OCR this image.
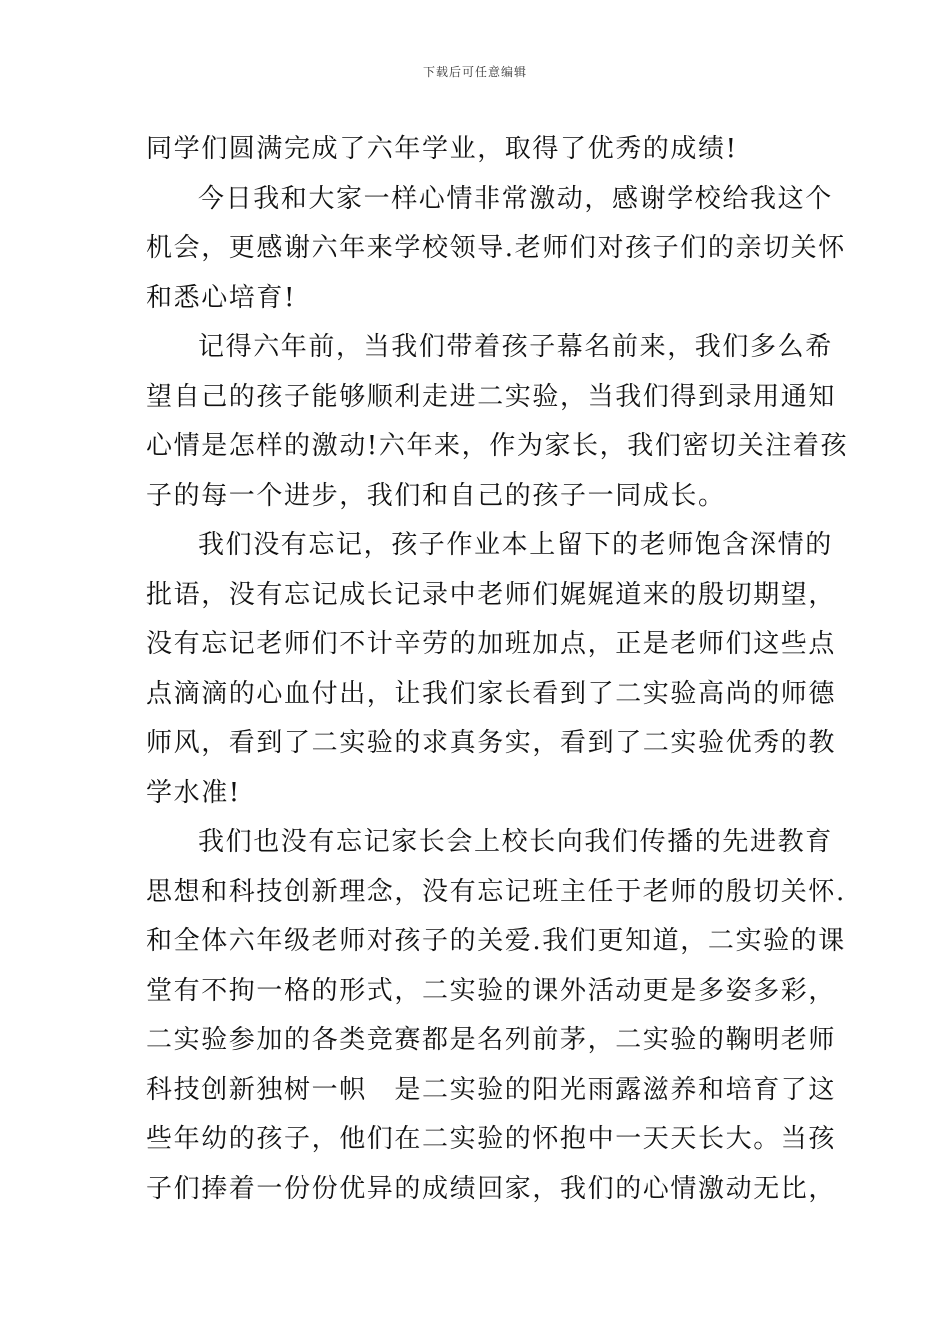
下载后可任意编辑
同学们圆满完成了六年学业，取得了优秀的成绩!
今日我和大家一样心情非常激动，感谢学校给我这个
机会，更感谢六年来学校领导.老师们对孩子们的亲切关怀
和悉心培育!
记得六年前，当我们带着孩子幕名前来，我们多么希
望自己的孩子能够顺利走进二实验，当我们得到录用通知
心情是怎样的激动!六年来，作为家长，我们密切关注着孩
子的每一个进步，我们和自己的孩子一同成长。
我们没有忘记，孩子作业本上留下的老师饱含深情的
批语，没有忘记成长记录中老师们娓娓道来的殷切期望，
没有忘记老师们不计辛劳的加班加点，正是老师们这些点
点滴滴的心血付出，让我们家长看到了二实验高尚的师德
师风，看到了二实验的求真务实，看到了二实验优秀的教
学水准!
我们也没有忘记家长会上校长向我们传播的先进教育
思想和科技创新理念，没有忘记班主任于老师的殷切关怀.
和全体六年级老师对孩子的关爱.我们更知道，二实验的课
堂有不拘一格的形式，二实验的课外活动更是多姿多彩，
二实验参加的各类竞赛都是名列前茅，二实验的鞠明老师
科技创新独树一帜　是二实验的阳光雨露滋养和培育了这
些年幼的孩子，他们在二实验的怀抱中一天天长大。当孩
子们捧着一份份优异的成绩回家，我们的心情激动无比，
